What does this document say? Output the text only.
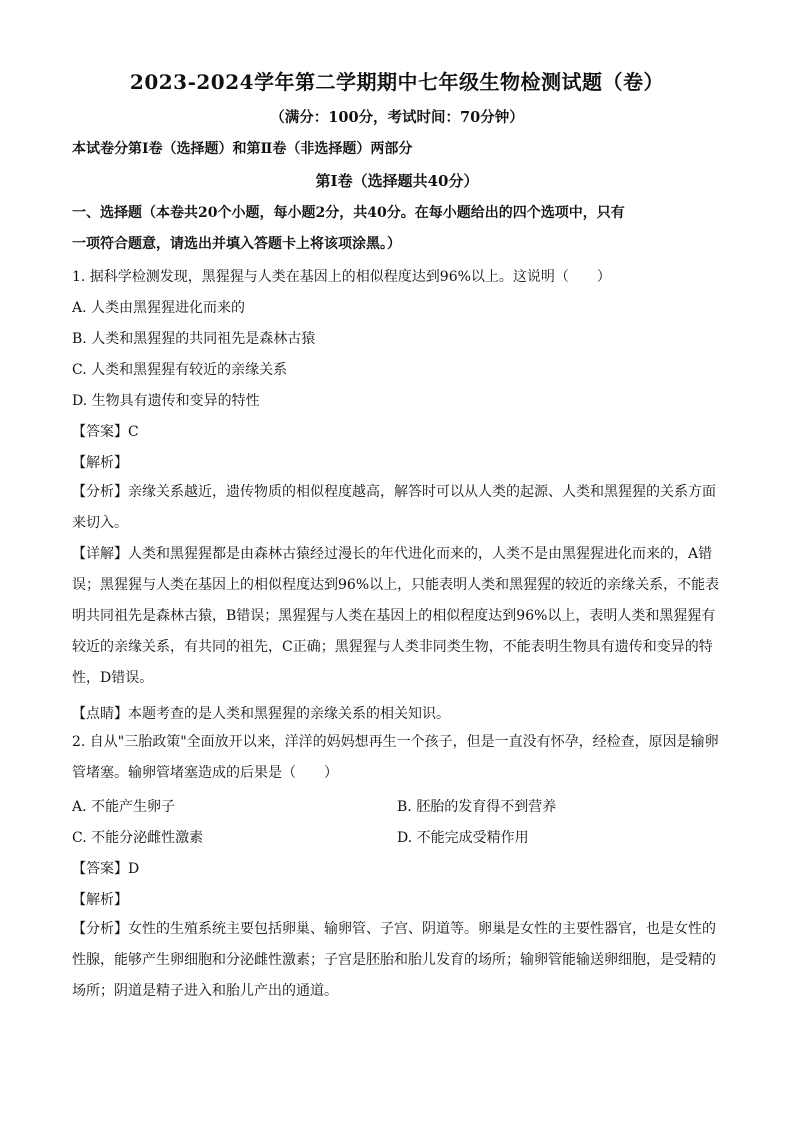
2023-2024学年第二学期期中七年级生物检测试题（卷）
（满分：100分，考试时间：70分钟）
本试卷分第Ⅰ卷（选择题）和第Ⅱ卷（非选择题）两部分
第Ⅰ卷（选择题共40分）
一、选择题（本卷共20个小题，每小题2分，共40分。在每小题给出的四个选项中，只有
一项符合题意，请选出并填入答题卡上将该项涂黑。）
1. 据科学检测发现，黑猩猩与人类在基因上的相似程度达到96%以上。这说明（　　）
A. 人类由黑猩猩进化而来的
B. 人类和黑猩猩的共同祖先是森林古猿
C. 人类和黑猩猩有较近的亲缘关系
D. 生物具有遗传和变异的特性
【答案】C
【解析】
【分析】亲缘关系越近，遗传物质的相似程度越高，解答时可以从人类的起源、人类和黑猩猩的关系方面来切入。
【详解】人类和黑猩猩都是由森林古猿经过漫长的年代进化而来的，人类不是由黑猩猩进化而来的，A错误；黑猩猩与人类在基因上的相似程度达到96%以上，只能表明人类和黑猩猩的较近的亲缘关系，不能表明共同祖先是森林古猿，B错误；黑猩猩与人类在基因上的相似程度达到96%以上，表明人类和黑猩猩有较近的亲缘关系，有共同的祖先，C正确；黑猩猩与人类非同类生物，不能表明生物具有遗传和变异的特性，D错误。
【点睛】本题考查的是人类和黑猩猩的亲缘关系的相关知识。
2. 自从"三胎政策"全面放开以来，洋洋的妈妈想再生一个孩子，但是一直没有怀孕，经检查，原因是输卵管堵塞。输卵管堵塞造成的后果是（　　）
A. 不能产生卵子	B. 胚胎的发育得不到营养
C. 不能分泌雌性激素	D. 不能完成受精作用
【答案】D
【解析】
【分析】女性的生殖系统主要包括卵巢、输卵管、子宫、阴道等。卵巢是女性的主要性器官，也是女性的性腺，能够产生卵细胞和分泌雌性激素；子宫是胚胎和胎儿发育的场所；输卵管能输送卵细胞，是受精的场所；阴道是精子进入和胎儿产出的通道。
